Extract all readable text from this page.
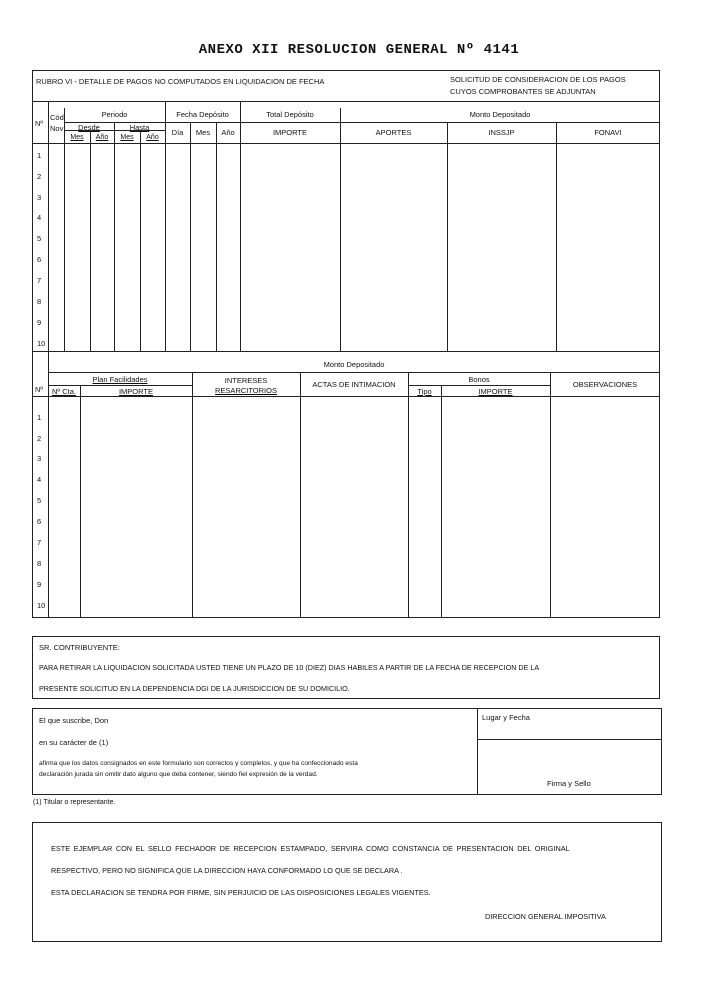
ANEXO XII RESOLUCION GENERAL Nº 4141
RUBRO VI - DETALLE DE PAGOS NO COMPUTADOS EN LIQUIDACION DE FECHA	SOLICITUD DE CONSIDERACION DE LOS PAGOS
CUYOS COMPROBANTES SE ADJUNTAN
Nº
Cód
Nov
Periodo
Desde	Hasta
Mes	Año	Mes	Año
Fecha Depósito
Día	Mes	Año
Total Depósito
IMPORTE
Monto Depositado
APORTES	INSSJP	FONAVI
1
2
3
4
5
6
7
8
9
10
Monto Depositado
Nº
Plan Facilidades
Nº Cta.	IMPORTE
INTERESES
RESARCITORIOS
ACTAS DE INTIMACION
Bonos
Tipo	IMPORTE
OBSERVACIONES
1
2
3
4
5
6
7
8
9
10
SR. CONTRIBUYENTE:
PARA RETIRAR LA LIQUIDACION SOLICITADA USTED TIENE UN PLAZO DE 10 (DIEZ) DIAS HABILES A PARTIR DE LA FECHA DE RECEPCION DE LA
PRESENTE SOLICITUD EN LA DEPENDENCIA DGI DE LA JURISDICCION DE SU DOMICILIO.
El que suscribe, Don
en su carácter de (1)
afirma que los datos consignados en este formulario son correctos y completos, y que ha confeccionado esta
declaración jurada sin omitir dato alguno que deba contener, siendo fiel expresión de la verdad.
Lugar y Fecha
Firma y Sello
(1) Titular o representante.
ESTE EJEMPLAR CON EL SELLO FECHADOR DE RECEPCION ESTAMPADO, SERVIRA COMO CONSTANCIA DE PRESENTACION DEL ORIGINAL
RESPECTIVO, PERO NO SIGNIFICA QUE LA DIRECCION HAYA CONFORMADO LO QUE SE DECLARA .
ESTA DECLARACION SE TENDRA POR FIRME, SIN PERJUICIO DE LAS DISPOSICIONES LEGALES VIGENTES.
DIRECCION GENERAL IMPOSITIVA
